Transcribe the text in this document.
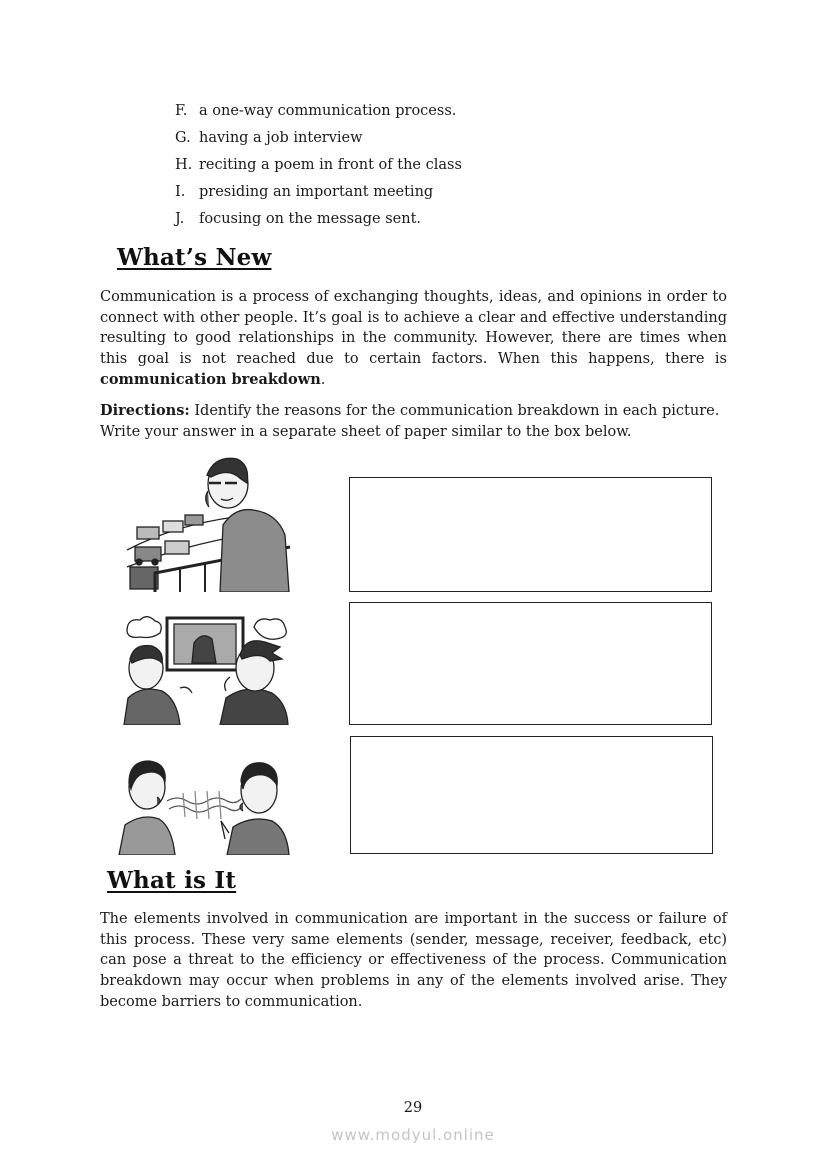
F. a one-way communication process.
G. having a job interview
H. reciting a poem in front of the class
I. presiding an important meeting
J.	focusing on the message sent.
What’s New
Communication is a process of exchanging thoughts, ideas, and opinions in order to connect with other people. It’s goal is to achieve a clear and effective understanding resulting to good relationships in the community. However, there are times when this goal is not reached due to certain factors. When this happens, there is communication breakdown.
Directions: Identify the reasons for the communication breakdown in each picture. Write your answer in a separate sheet of paper similar to the box below.
What is It
The elements involved in communication are important in the success or failure of this process. These very same elements (sender, message, receiver, feedback, etc) can pose a threat to the efficiency or effectiveness of the process. Communication breakdown may occur when problems in any of the elements involved arise. They become barriers to communication.
29
www.modyul.online
